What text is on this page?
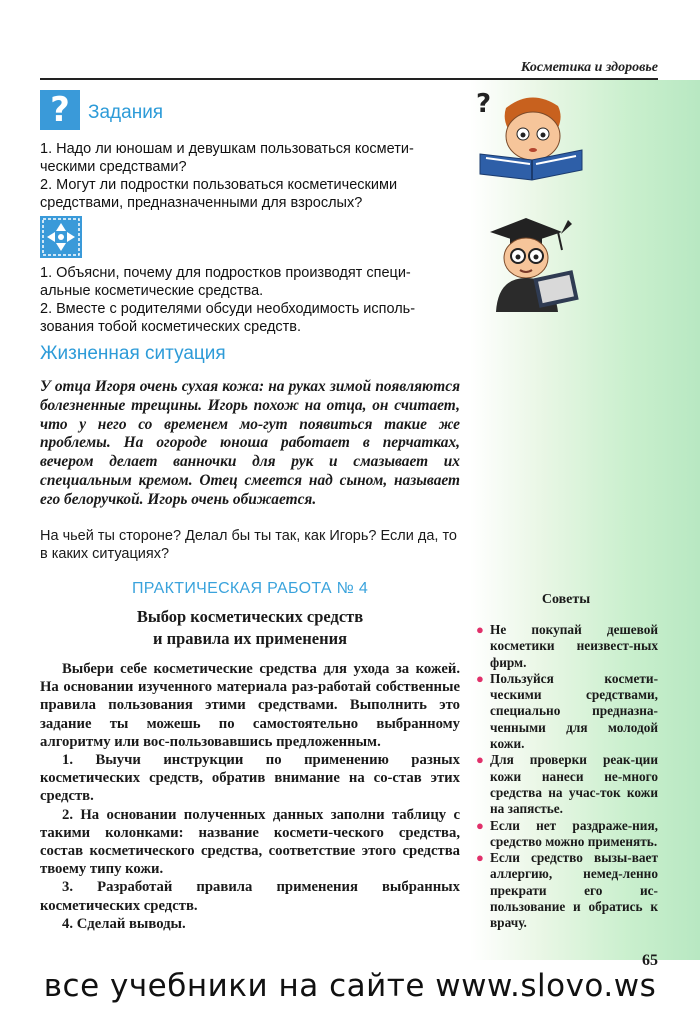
Косметика и здоровье
? Задания

1. Надо ли юношам и девушкам пользоваться космети-ческими средствами?

2. Могут ли подростки пользоваться косметическими средствами, предназначенными для взрослых?

1. Объясни, почему для подростков производят специ-альные косметические средства.

2. Вместе с родителями обсуди необходимость исполь-зования тобой косметических средств.

Жизненная ситуация
У отца Игоря очень сухая кожа: на руках зимой появляются болезненные трещины. Игорь похож на отца, он считает, что у него со временем мо-гут появиться такие же проблемы. На огороде юноша работает в перчатках, вечером делает ванночки для рук и смазывает их специальным кремом. Отец смеется над сыном, называет его белоручкой. Игорь очень обижается.
На чьей ты стороне? Делал бы ты так, как Игорь? Если да, то в каких ситуациях?
ПРАКТИЧЕСКАЯ РАБОТА № 4
Выбор косметических средств
и правила их применения

Выбери себе косметические средства для ухода за кожей. На основании изученного материала раз-работай собственные правила пользования этими средствами. Выполнить это задание ты можешь по самостоятельно выбранному алгоритму или вос-пользовавшись предложенным.

1. Выучи инструкции по применению разных косметических средств, обратив внимание на со-став этих средств.

2. На основании полученных данных заполни таблицу с такими колонками: название космети-ческого средства, состав косметического средства, соответствие этого средства твоему типу кожи.

3. Разработай правила применения выбранных косметических средств.

4. Сделай выводы.

?
Советы
● Не покупай дешевой косметики неизвест-ных фирм.
● Пользуйся космети-ческими средствами, специально предназна-ченными для молодой кожи.
● Для проверки реак-ции кожи нанеси не-много средства на учас-ток кожи на запястье.
● Если нет раздраже-ния, средство можно применять.
● Если средство вызы-вает аллергию, немед-ленно прекрати его ис-пользование и обратись к врачу.
65
все учебники на сайте www.slovo.ws
